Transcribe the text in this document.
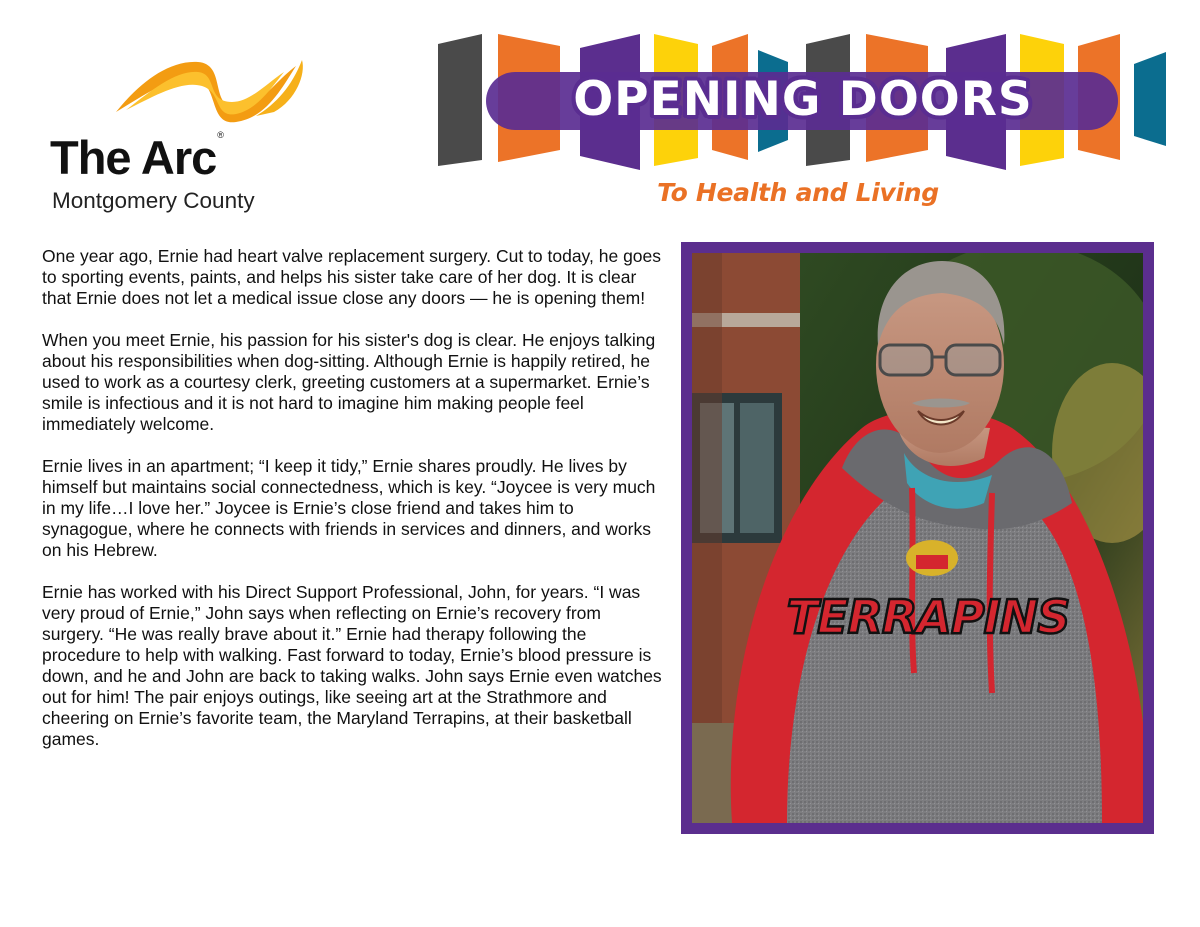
The Arc®
Montgomery County
OPENING DOORS
To Health and Living

One year ago, Ernie had heart valve replacement surgery. Cut to today, he goes to sporting events, paints, and helps his sister take care of her dog. It is clear that Ernie does not let a medical issue close any doors — he is opening them!

When you meet Ernie, his passion for his sister's dog is clear. He enjoys talking about his responsibilities when dog-sitting. Although Ernie is happily retired, he used to work as a courtesy clerk, greeting customers at a supermarket. Ernie’s smile is infectious and it is not hard to imagine him making people feel immediately welcome.

Ernie lives in an apartment; “I keep it tidy,” Ernie shares proudly. He lives by himself but maintains social connectedness, which is key. “Joycee is very much in my life…I love her.” Joycee is Ernie’s close friend and takes him to synagogue, where he connects with friends in services and dinners, and works on his Hebrew.

Ernie has worked with his Direct Support Professional, John, for years. “I was very proud of Ernie,” John says when reflecting on Ernie’s recovery from surgery. “He was really brave about it.” Ernie had therapy following the procedure to help with walking. Fast forward to today, Ernie’s blood pressure is down, and he and John are back to taking walks. John says Ernie even watches out for him! The pair enjoys outings, like seeing art at the Strathmore and cheering on Ernie’s favorite team, the Maryland Terrapins, at their basketball games.

TERRAPINS
